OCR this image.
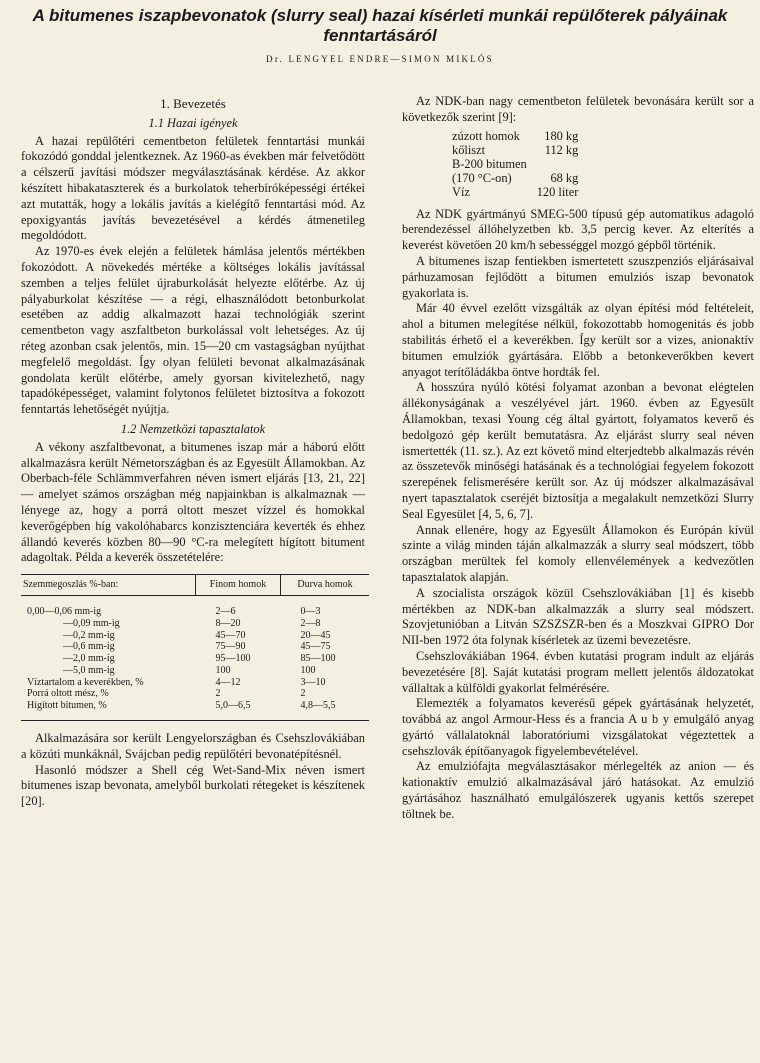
A bitumenes iszapbevonatok (slurry seal) hazai kísérleti munkái repülőterek pályáinak fenntartásáról
Dr. LENGYEL ENDRE—SIMON MIKLÓS
1. Bevezetés
1.1 Hazai igények

A hazai repülőtéri cementbeton felületek fenntartási munkái fokozódó gonddal jelentkeznek. Az 1960-as években már felvetődött a célszerű javítási módszer megválasztásának kérdése. Az akkor készített hibakataszterek és a burkolatok teherbíróképességi értékei azt mutatták, hogy a lokális javítás a kielégítő fenntartási mód. Az epoxigyantás javítás bevezetésével a kérdés átmenetileg megoldódott.

Az 1970-es évek elején a felületek hámlása jelentős mértékben fokozódott. A növekedés mértéke a költséges lokális javítással szemben a teljes felület újraburkolását helyezte előtérbe. Az új pályaburkolat készítése — a régi, elhasználódott betonburkolat esetében az addig alkalmazott hazai technológiák szerint cementbeton vagy aszfaltbeton burkolással volt lehetséges. Az új réteg azonban csak jelentős, min. 15—20 cm vastagságban nyújthat megfelelő megoldást. Így olyan felületi bevonat alkalmazásának gondolata került előtérbe, amely gyorsan kivitelezhető, nagy tapadóképességet, valamint folytonos felületet biztosítva a fokozott fenntartás lehetőségét nyújtja.

1.2 Nemzetközi tapasztalatok

A vékony aszfaltbevonat, a bitumenes iszap már a háború előtt alkalmazásra került Németországban és az Egyesült Államokban. Az Oberbach-féle Schlämmverfahren néven ismert eljárás [13, 21, 22] — amelyet számos országban még napjainkban is alkalmaznak — lényege az, hogy a porrá oltott meszet vízzel és homokkal keverőgépben híg vakolóhabarcs konzisztenciára keverték és ehhez állandó keverés közben 80—90 °C-ra melegített hígított bitument adagoltak. Példa a keverék összetételére:

Szemmegoszlás %-ban:	Finom homok	Durva homok
0,00—0,06 mm-ig	2—6	0—3
—0,09 mm-ig	8—20	2—8
—0,2 mm-ig	45—70	20—45
—0,6 mm-ig	75—90	45—75
—2,0 mm-ig	95—100	85—100
—5,0 mm-ig	100	100
Víztartalom a keverékben, %	4—12	3—10
Porrá oltott mész, %	2	2
Hígított bitumen, %	5,0—6,5	4,8—5,5

Alkalmazására sor került Lengyelországban és Csehszlovákiában a közúti munkáknál, Svájcban pedig repülőtéri bevonatépítésnél.

Hasonló módszer a Shell cég Wet-Sand-Mix néven ismert bitumenes iszap bevonata, amelyből burkolati rétegeket is készítenek [20].

Az NDK-ban nagy cementbeton felületek bevonására került sor a következők szerint [9]:

zúzott homok	180 kg
kőliszt	112 kg
B-200 bitumen	
(170 °C-on)	68 kg
Víz	120 liter

Az NDK gyártmányú SMEG-500 típusú gép automatikus adagoló berendezéssel állóhelyzetben kb. 3,5 percig kever. Az elterítés a keverést követően 20 km/h sebességgel mozgó gépből történik.

A bitumenes iszap fentiekben ismertetett szuszpenziós eljárásaival párhuzamosan fejlődött a bitumen emulziós iszap bevonatok gyakorlata is.

Már 40 évvel ezelőtt vizsgálták az olyan építési mód feltételeit, ahol a bitumen melegítése nélkül, fokozottabb homogenitás és jobb stabilitás érhető el a keverékben. Így került sor a vizes, anionaktív bitumen emulziók gyártására. Előbb a betonkeverőkben kevert anyagot terítőládákba öntve hordták fel.

A hosszúra nyúló kötési folyamat azonban a bevonat elégtelen állékonyságának a veszélyével járt. 1960. évben az Egyesült Államokban, texasi Young cég által gyártott, folyamatos keverő és bedolgozó gép került bemutatásra. Az eljárást slurry seal néven ismertették (11. sz.). Az ezt követő mind elterjedtebb alkalmazás révén az összetevők minőségi hatásának és a technológiai fegyelem fokozott szerepének felismerésére került sor. Az új módszer alkalmazásával nyert tapasztalatok cseréjét biztosítja a megalakult nemzetközi Slurry Seal Egyesület [4, 5, 6, 7].

Annak ellenére, hogy az Egyesült Államokon és Európán kívül szinte a világ minden táján alkalmazzák a slurry seal módszert, több országban merültek fel komoly ellenvélemények a kedvezőtlen tapasztalatok alapján.

A szocialista országok közül Csehszlovákiában [1] és kisebb mértékben az NDK-ban alkalmazzák a slurry seal módszert. Szovjetunióban a Litván SZSZSZR-ben és a Moszkvai GIPRO Dor NII-ben 1972 óta folynak kísérletek az üzemi bevezetésre.

Csehszlovákiában 1964. évben kutatási program indult az eljárás bevezetésére [8]. Saját kutatási program mellett jelentős áldozatokat vállaltak a külföldi gyakorlat felmérésére.

Elemezték a folyamatos keverésű gépek gyártásának helyzetét, továbbá az angol Armour-Hess és a francia A u b y emulgáló anyag gyártó vállalatoknál laboratóriumi vizsgálatokat végeztettek a csehszlovák építőanyagok figyelembevételével.

Az emulziófajta megválasztásakor mérlegelték az anion — és kationaktív emulzió alkalmazásával járó hatásokat. Az emulzió gyártásához használható emulgálószerek ugyanis kettős szerepet töltnek be.
